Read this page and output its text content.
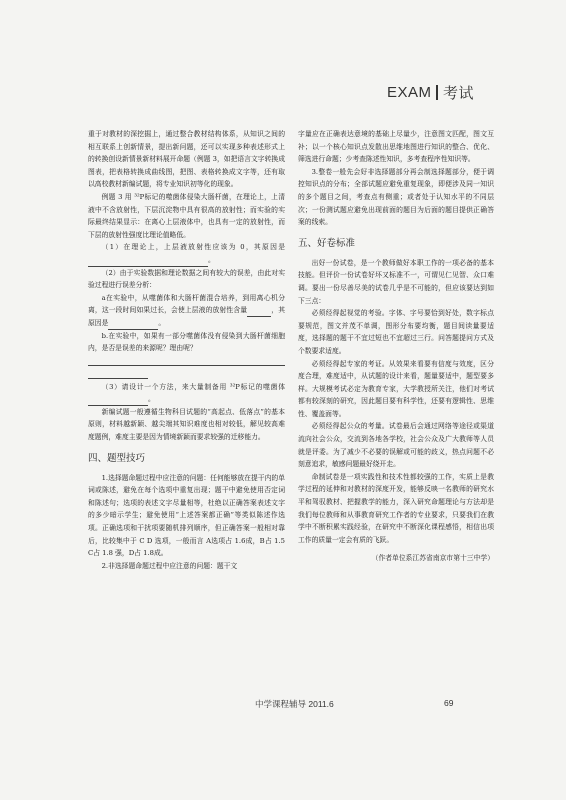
EXAM 考试

重于对教材的深挖掘上，通过整合教材结构体系，从知识之间的相互联系上创新情景，提出新问题，还可以实现多种表述形式上的转换创设新情景新材料展开命题（例题 3，如把语言文字转换成图表，把表格转换成曲线图，把图、表格转换成文字等，还有取以高校教材新编试题，将专业知识初等化的现象。

例题 3 用 ³²P标记的噬菌体侵染大肠杆菌，在理论上，上清液中不含放射性，下层沉淀物中具有很高的放射性；而实验的实际最终结果显示：在离心上层液体中，也具有一定的放射性，而下层的放射性强度比理论值略低。

（1）在理论上，上层液放射性应该为 0，其原因是。

（2）由于实验数据和理论数据之间有较大的误差，由此对实验过程进行误差分析：

a在实验中，从噬菌体和大肠杆菌混合培养，到用离心机分离，这一段时间如果过长，会使上层液的放射性含量	，其原因是	。

b.在实验中，如果有一部分噬菌体没有侵染到大肠杆菌细胞内，是否是误差的来源呢？理由呢？

（3）请设计一个方法，来大量制备用 ³²P标记的噬菌体。

新编试题一般遵循生物科目试题的“高起点、低落点”的基本原则，材料越新颖、越尖端其知识难度也相对较低，解见较高难度题例，难度主要是因为情境新颖而要求较强的迁移能力。

四、题型技巧

1.选择题命题过程中应注意的问题：任何能够放在提干内的单词或陈述，避免在每个选项中重复出现；题干中避免使用否定词和陈述句；选项的表述文字尽量相等，杜绝以正确答案表述文字的多少暗示学生；避免使用“上述答案都正确”等类似陈述作选项。正确选项和干扰项要随机排列顺序，但正确答案一般相对靠后，比较集中于 C D 选项，一般而言 A选项占 1.6成，B占 1.5 C占 1.8 强，D占 1.8成。

2.非选择题命题过程中应注意的问题：题干文

字量应在正确表达意境的基础上尽量少，注意图文匹配，图文互补；以一个核心知识点发散出思维地图进行知识的整合、优化、筛选进行命题；少考查陈述性知识，多考查程序性知识等。

3.整卷一般先会好非选择题部分再会制选择题部分，便于调控知识点的分布；全部试题应避免重复现象，即便涉及同一知识的多个题目之间，考查点有侧重；或者处于认知水平的不同层次；一份测试题应避免出现前面的题目为后面的题目提供正确答案的线索。

五、好卷标准

出好一份试卷，是一个教师做好本职工作的一项必备的基本技能。但评价一份试卷好坏又标准不一，可谓见仁见智、众口难调。要出一份尽善尽美的试卷几乎是不可能的，但应该要达到如下三点：

必须经得起视觉的考验。字体、字号要恰到好处，数字标点要规范，图文并茂不单调，图形分布要均衡，题目间读量要适度，选择题的题干不宜过短也不宜超过三行。问答题提问方式及个数要求适度。

必须经得起专家的考证。从效果来看要有信度与效度，区分度合理，难度适中，从试题的设计来看，题量要适中，题型要多样。大规模考试必定为教育专家，大学教授所关注，他们对考试都有较深刻的研究，因此题目要有科学性，还要有逻辑性、思维性、覆盖面等。

必须经得起公众的考量。试卷最后会通过网络等途径或渠道流向社会公众，交流到各地各学校，社会公众及广大教师等人员就是评委。为了减少不必要的误解或可能的歧义，热点问题不必刻意追求，敏感问题最好绕开走。

命制试卷是一项实践性和技术性都较强的工作，实质上是教学过程的延伸和对教材的深度开发，能够反映一名教师的研究水平和驾驭教材、把握教学的能力，深入研究命题理论与方法却是我们每位教师和从事教育研究工作者的专业要求，只要我们在教学中不断积累实践经验，在研究中不断深化课程感悟，相信出项工作的质量一定会有质的飞跃。

（作者单位系江苏省南京市第十三中学）

中学课程辅导 2011.6	69
